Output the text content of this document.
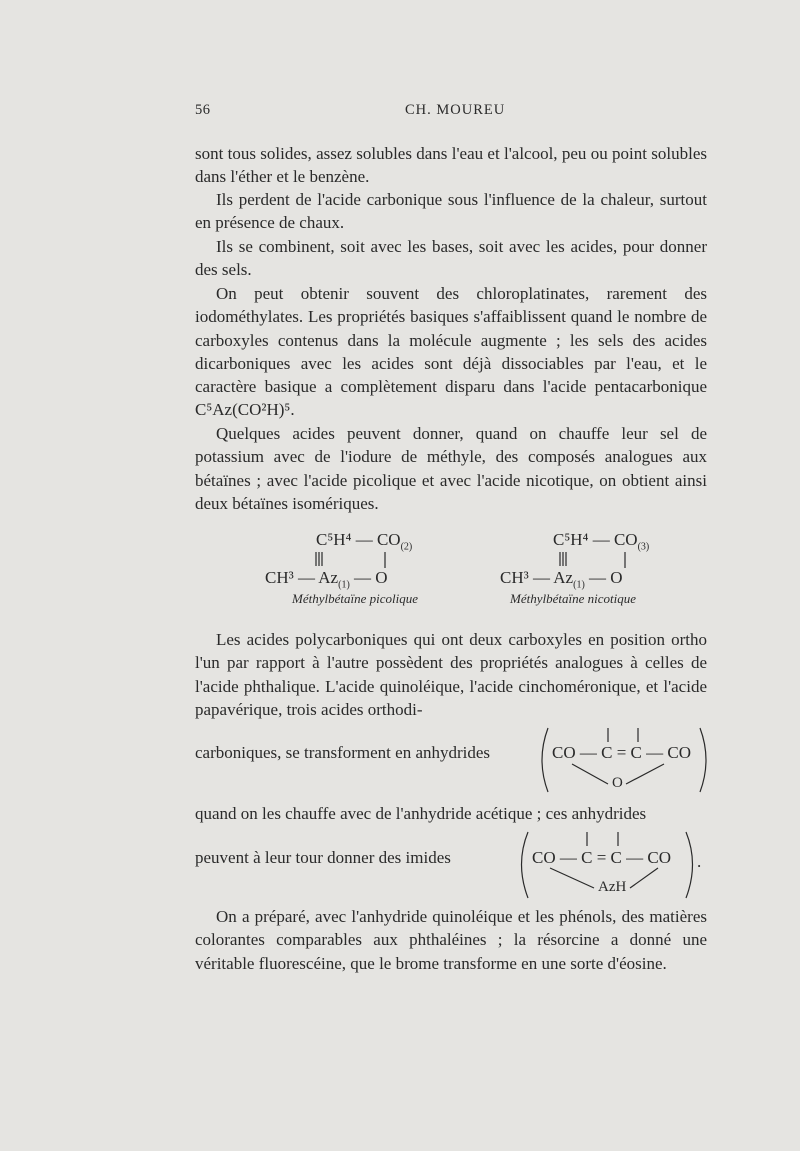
56	CH. MOUREU

sont tous solides, assez solubles dans l'eau et l'alcool, peu ou point solubles dans l'éther et le benzène.

Ils perdent de l'acide carbonique sous l'influence de la chaleur, surtout en présence de chaux.

Ils se combinent, soit avec les bases, soit avec les acides, pour donner des sels.

On peut obtenir souvent des chloroplatinates, rarement des iodométhylates. Les propriétés basiques s'affaiblissent quand le nombre de carboxyles contenus dans la molécule augmente ; les sels des acides dicarboniques avec les acides sont déjà dissociables par l'eau, et le caractère basique a complètement disparu dans l'acide pentacarbonique C⁵Az(CO²H)⁵.

Quelques acides peuvent donner, quand on chauffe leur sel de potassium avec de l'iodure de méthyle, des composés analogues aux bétaïnes ; avec l'acide picolique et avec l'acide nicotique, on obtient ainsi deux bétaïnes isomériques.

C⁵H⁴ — $CO_{(2)}$
CH³ — $Az_{(1)}$ — O
Méthylbétaïne picolique
C⁵H⁴ — $CO_{(3)}$
CH³ — $Az_{(1)}$ — O
Méthylbétaïne nicotique

Les acides polycarboniques qui ont deux carboxyles en position ortho l'un par rapport à l'autre possèdent des propriétés analogues à celles de l'acide phthalique. L'acide quinoléique, l'acide cinchoméronique, et l'acide papavérique, trois acides orthodi-

carboniques, se transforment en anhydrides	CO — C = C — CO
O
quand on les chauffe avec de l'anhydride acétique ; ces anhydrides
peuvent à leur tour donner des imides	CO — C = C — CO
AzH
.

On a préparé, avec l'anhydride quinoléique et les phénols, des matières colorantes comparables aux phthaléines ; la résorcine a donné une véritable fluorescéine, que le brome transforme en une sorte d'éosine.
